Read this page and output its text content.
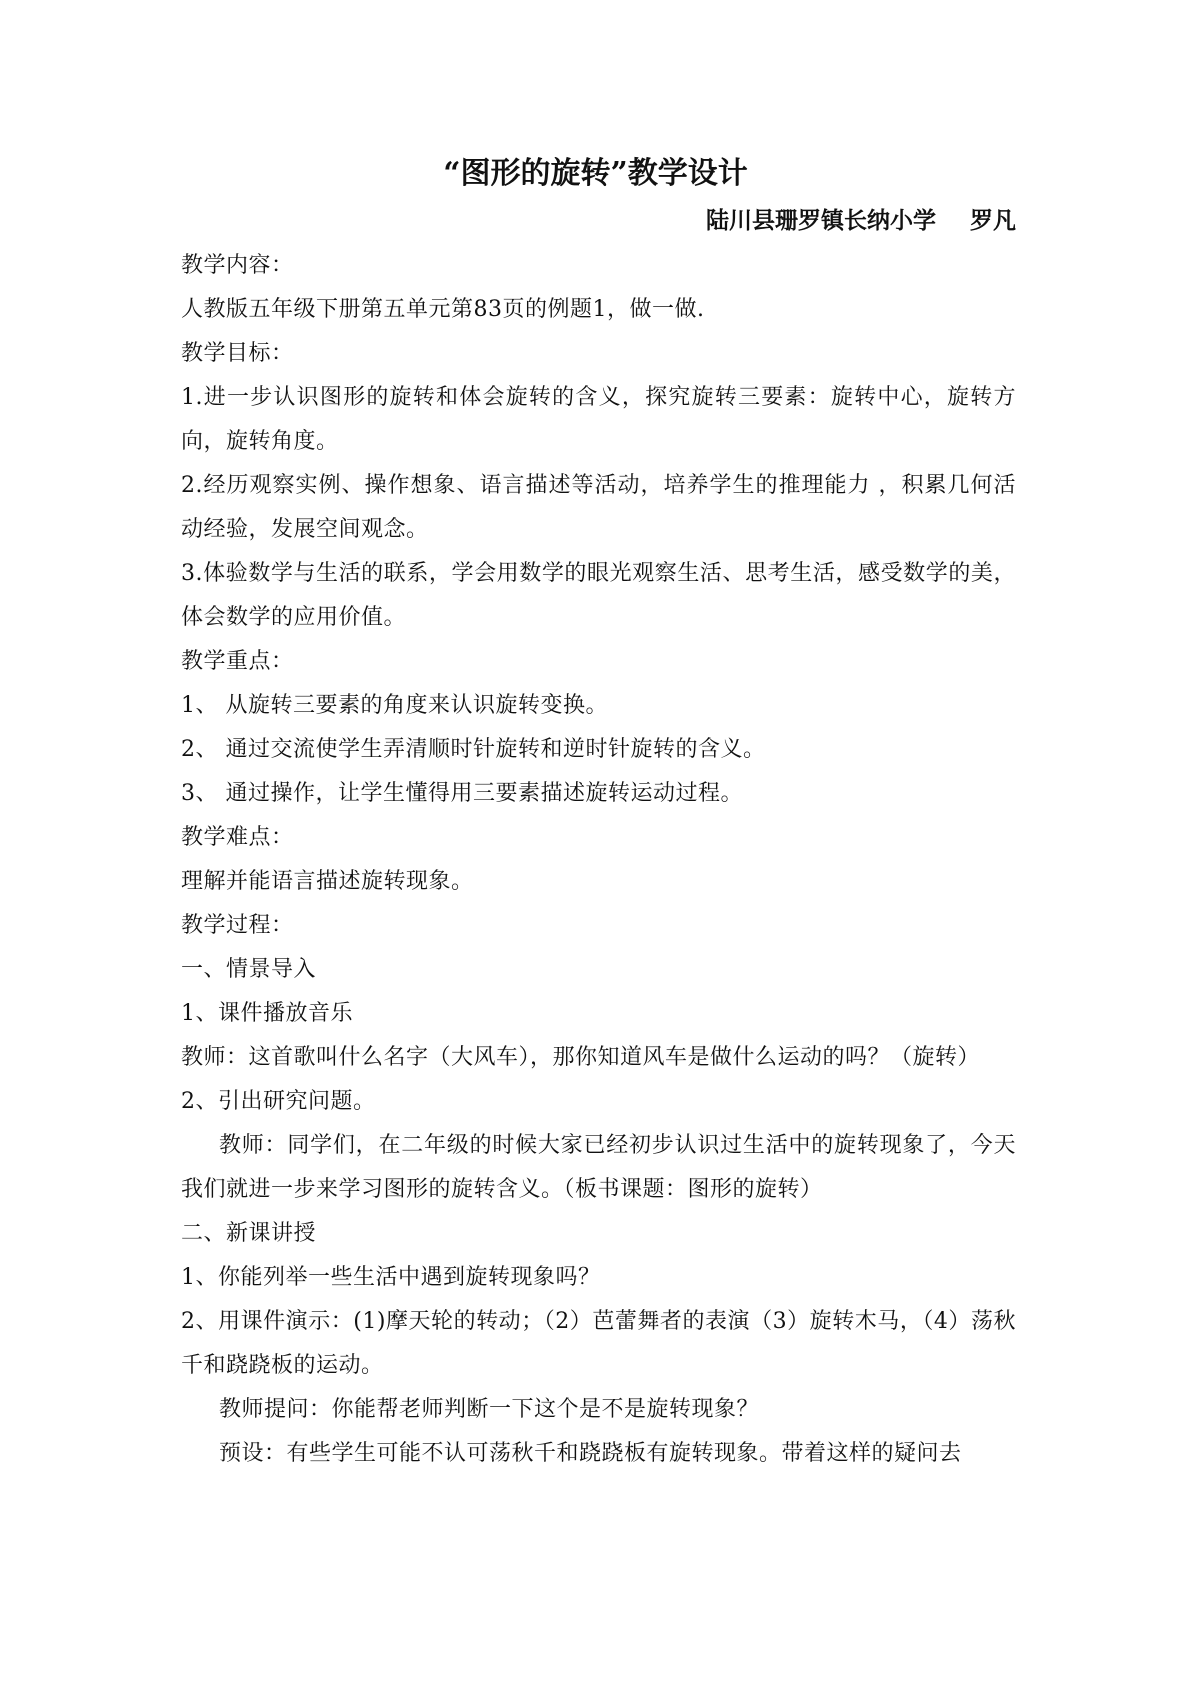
“图形的旋转”教学设计
陆川县珊罗镇长纳小学 罗凡

教学内容：

人教版五年级下册第五单元第83页的例题1，做一做.

教学目标：

1.进一步认识图形的旋转和体会旋转的含义，探究旋转三要素：旋转中心，旋转方向，旋转角度。

2.经历观察实例、操作想象、语言描述等活动，培养学生的推理能力 ，积累几何活动经验，发展空间观念。

3.体验数学与生活的联系，学会用数学的眼光观察生活、思考生活，感受数学的美，体会数学的应用价值。

教学重点：

1、 从旋转三要素的角度来认识旋转变换。

2、 通过交流使学生弄清顺时针旋转和逆时针旋转的含义。

3、 通过操作，让学生懂得用三要素描述旋转运动过程。

教学难点：

理解并能语言描述旋转现象。

教学过程：

一、情景导入

1、课件播放音乐

教师：这首歌叫什么名字（大风车），那你知道风车是做什么运动的吗？（旋转）

2、引出研究问题。

教师：同学们，在二年级的时候大家已经初步认识过生活中的旋转现象了，今天我们就进一步来学习图形的旋转含义。（板书课题：图形的旋转）

二、新课讲授

1、你能列举一些生活中遇到旋转现象吗？

2、用课件演示：(1)摩天轮的转动；（2）芭蕾舞者的表演（3）旋转木马，（4）荡秋千和跷跷板的运动。

教师提问：你能帮老师判断一下这个是不是旋转现象？

预设：有些学生可能不认可荡秋千和跷跷板有旋转现象。带着这样的疑问去
